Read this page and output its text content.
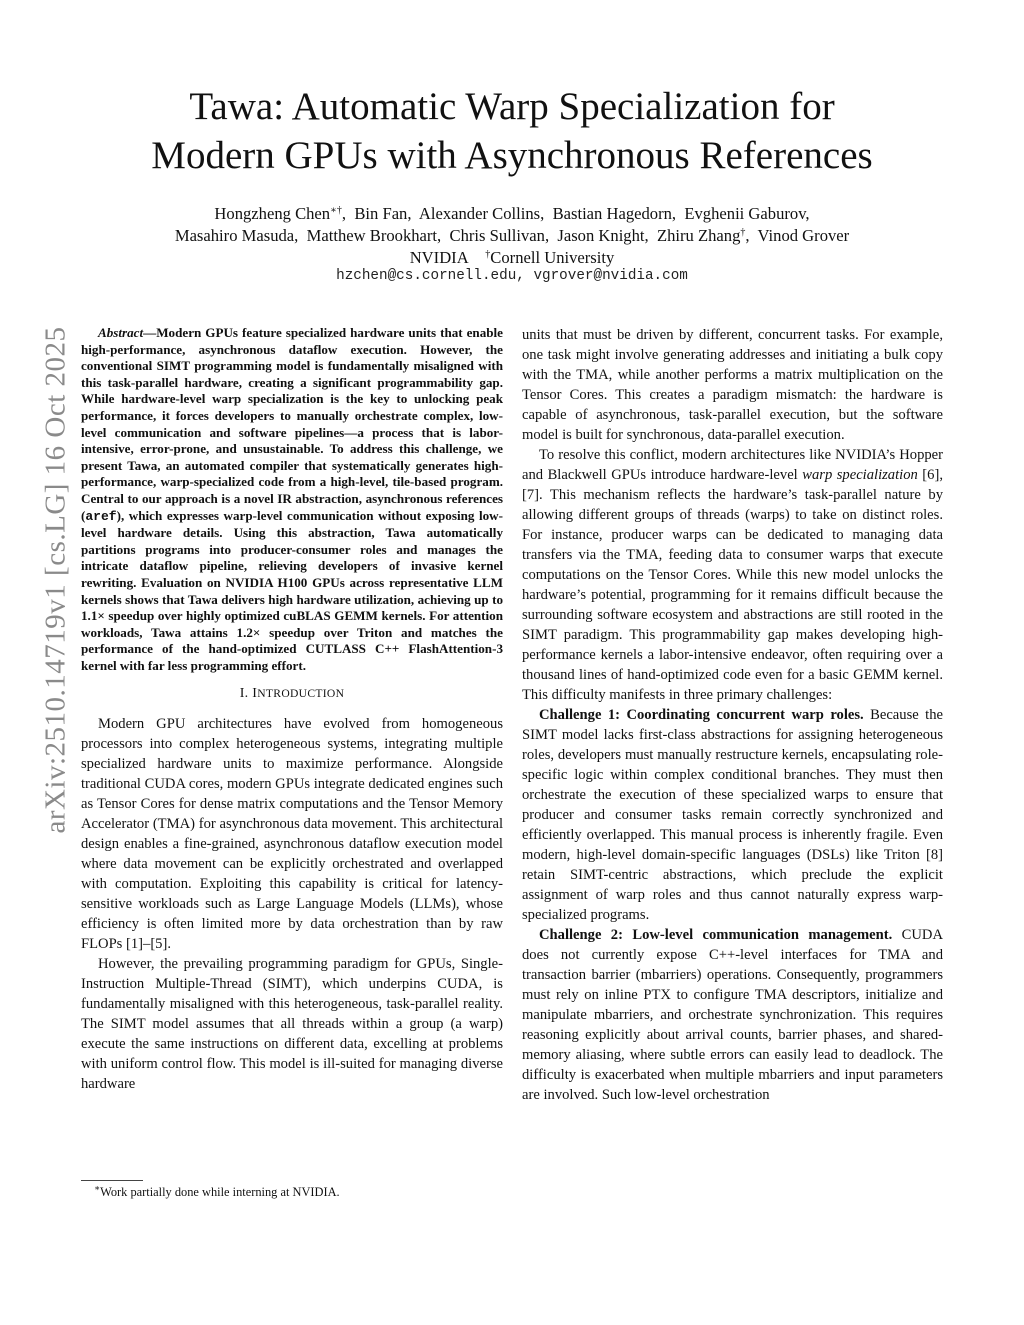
arXiv:2510.14719v1 [cs.LG] 16 Oct 2025
Tawa: Automatic Warp Specialization for
Modern GPUs with Asynchronous References
Hongzheng Chen∗†,  Bin Fan,  Alexander Collins,  Bastian Hagedorn,  Evghenii Gaburov,
Masahiro Masuda,  Matthew Brookhart,  Chris Sullivan,  Jason Knight,  Zhiru Zhang†,  Vinod Grover
NVIDIA †Cornell University
hzchen@cs.cornell.edu, vgrover@nvidia.com

Abstract—Modern GPUs feature specialized hardware units that enable high-performance, asynchronous dataflow execution. However, the conventional SIMT programming model is fundamentally misaligned with this task-parallel hardware, creating a significant programmability gap. While hardware-level warp specialization is the key to unlocking peak performance, it forces developers to manually orchestrate complex, low-level communication and software pipelines—a process that is labor-intensive, error-prone, and unsustainable. To address this challenge, we present Tawa, an automated compiler that systematically generates high-performance, warp-specialized code from a high-level, tile-based program. Central to our approach is a novel IR abstraction, asynchronous references (aref), which expresses warp-level communication without exposing low-level hardware details. Using this abstraction, Tawa automatically partitions programs into producer-consumer roles and manages the intricate dataflow pipeline, relieving developers of invasive kernel rewriting. Evaluation on NVIDIA H100 GPUs across representative LLM kernels shows that Tawa delivers high hardware utilization, achieving up to 1.1× speedup over highly optimized cuBLAS GEMM kernels. For attention workloads, Tawa attains 1.2× speedup over Triton and matches the performance of the hand-optimized CUTLASS C++ FlashAttention-3 kernel with far less programming effort.

I. INTRODUCTION

Modern GPU architectures have evolved from homogeneous processors into complex heterogeneous systems, integrating multiple specialized hardware units to maximize performance. Alongside traditional CUDA cores, modern GPUs integrate dedicated engines such as Tensor Cores for dense matrix computations and the Tensor Memory Accelerator (TMA) for asynchronous data movement. This architectural design enables a fine-grained, asynchronous dataflow execution model where data movement can be explicitly orchestrated and overlapped with computation. Exploiting this capability is critical for latency-sensitive workloads such as Large Language Models (LLMs), whose efficiency is often limited more by data orchestration than by raw FLOPs [1]–[5].

However, the prevailing programming paradigm for GPUs, Single-Instruction Multiple-Thread (SIMT), which underpins CUDA, is fundamentally misaligned with this heterogeneous, task-parallel reality. The SIMT model assumes that all threads within a group (a warp) execute the same instructions on different data, excelling at problems with uniform control flow. This model is ill-suited for managing diverse hardware

units that must be driven by different, concurrent tasks. For example, one task might involve generating addresses and initiating a bulk copy with the TMA, while another performs a matrix multiplication on the Tensor Cores. This creates a paradigm mismatch: the hardware is capable of asynchronous, task-parallel execution, but the software model is built for synchronous, data-parallel execution.

To resolve this conflict, modern architectures like NVIDIA’s Hopper and Blackwell GPUs introduce hardware-level warp specialization [6], [7]. This mechanism reflects the hardware’s task-parallel nature by allowing different groups of threads (warps) to take on distinct roles. For instance, producer warps can be dedicated to managing data transfers via the TMA, feeding data to consumer warps that execute computations on the Tensor Cores. While this new model unlocks the hardware’s potential, programming for it remains difficult because the surrounding software ecosystem and abstractions are still rooted in the SIMT paradigm. This programmability gap makes developing high-performance kernels a labor-intensive endeavor, often requiring over a thousand lines of hand-optimized code even for a basic GEMM kernel. This difficulty manifests in three primary challenges:

Challenge 1: Coordinating concurrent warp roles. Because the SIMT model lacks first-class abstractions for assigning heterogeneous roles, developers must manually restructure kernels, encapsulating role-specific logic within complex conditional branches. They must then orchestrate the execution of these specialized warps to ensure that producer and consumer tasks remain correctly synchronized and efficiently overlapped. This manual process is inherently fragile. Even modern, high-level domain-specific languages (DSLs) like Triton [8] retain SIMT-centric abstractions, which preclude the explicit assignment of warp roles and thus cannot naturally express warp-specialized programs.

Challenge 2: Low-level communication management. CUDA does not currently expose C++-level interfaces for TMA and transaction barrier (mbarriers) operations. Consequently, programmers must rely on inline PTX to configure TMA descriptors, initialize and manipulate mbarriers, and orchestrate synchronization. This requires reasoning explicitly about arrival counts, barrier phases, and shared-memory aliasing, where subtle errors can easily lead to deadlock. The difficulty is exacerbated when multiple mbarriers and input parameters are involved. Such low-level orchestration

∗Work partially done while interning at NVIDIA.
